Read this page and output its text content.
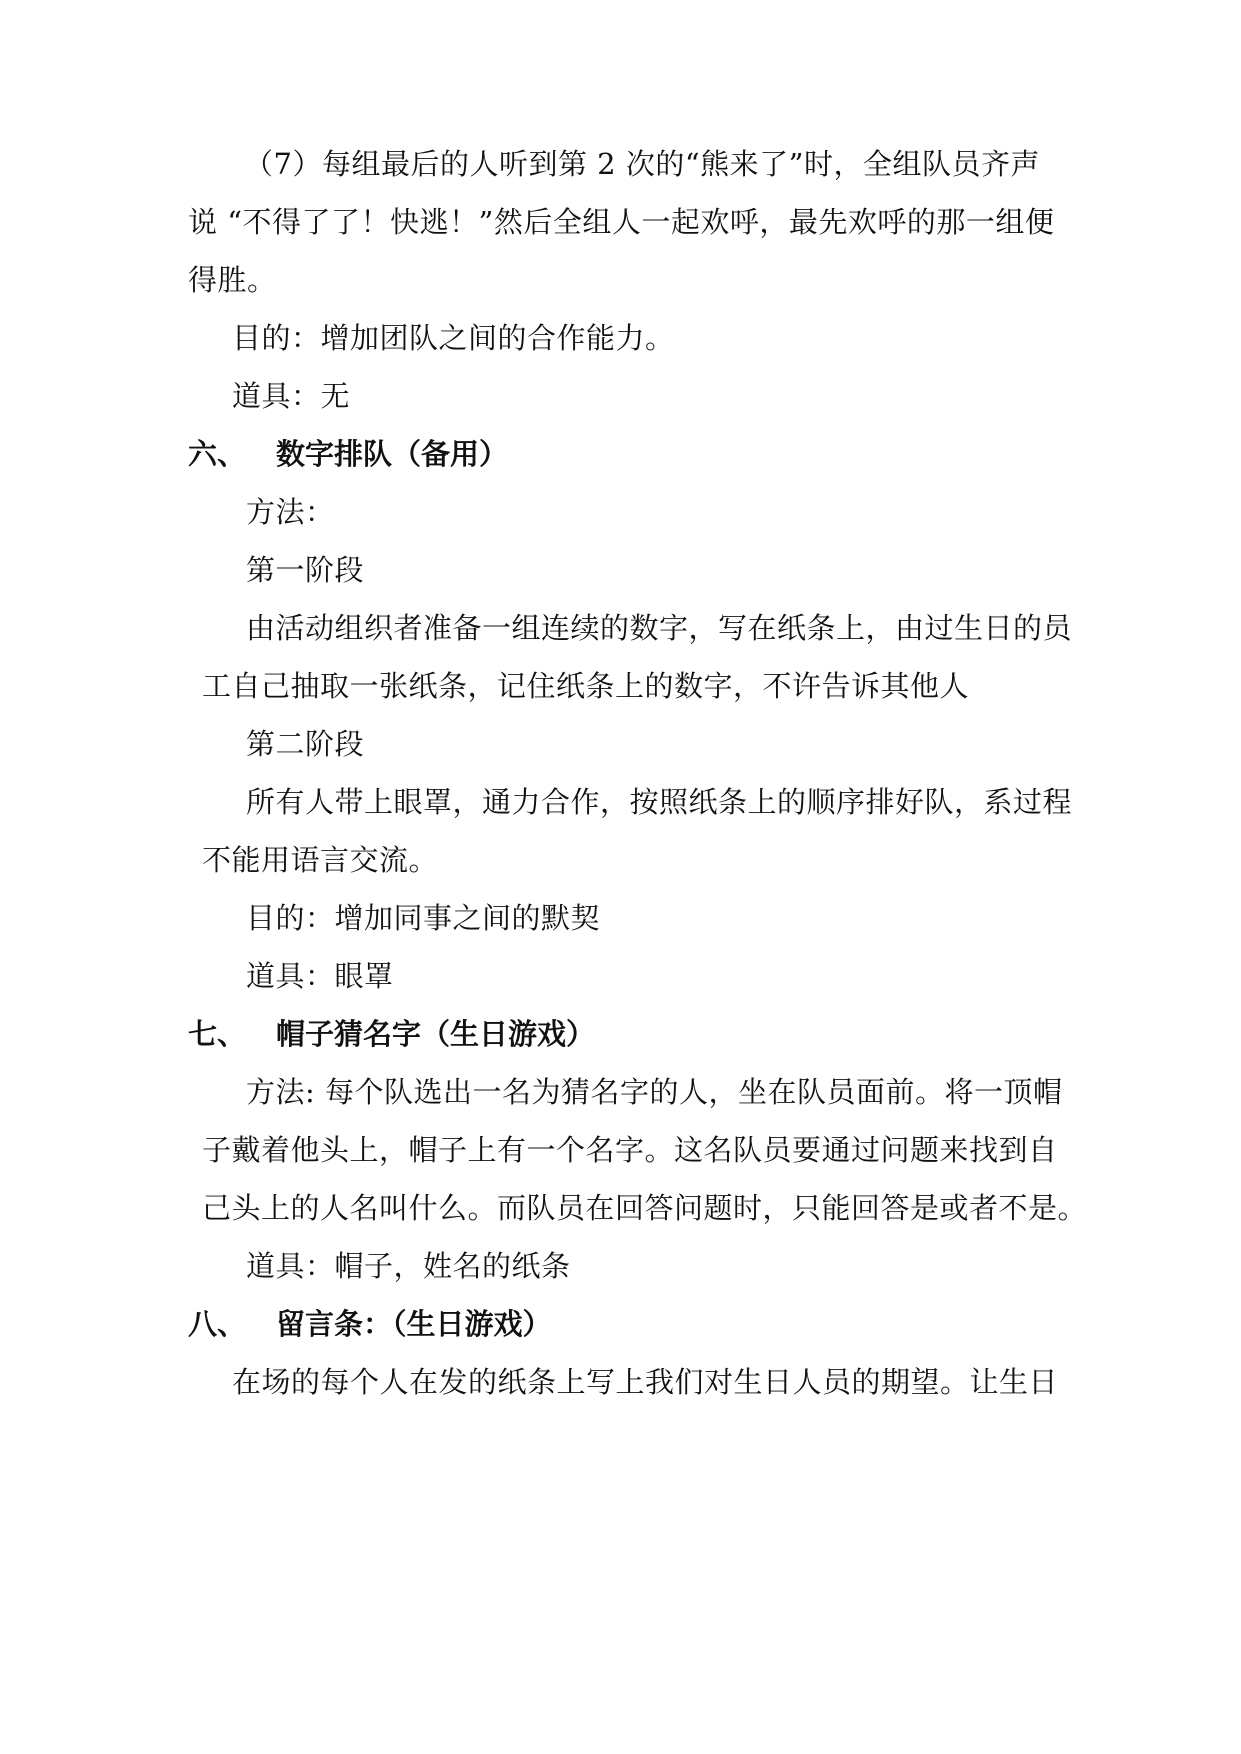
（7）每组最后的人听到第 2 次的“熊来了”时，全组队员齐声
说 “不得了了！快逃！”然后全组人一起欢呼，最先欢呼的那一组便
得胜。
目的：增加团队之间的合作能力。
道具：无
六、 数字排队（备用）
方法：
第一阶段
由活动组织者准备一组连续的数字，写在纸条上，由过生日的员
工自己抽取一张纸条，记住纸条上的数字，不许告诉其他人
第二阶段
所有人带上眼罩，通力合作，按照纸条上的顺序排好队，系过程
不能用语言交流。
目的：增加同事之间的默契
道具：眼罩
七、 帽子猜名字（生日游戏）
方法: 每个队选出一名为猜名字的人，坐在队员面前。将一顶帽
子戴着他头上，帽子上有一个名字。这名队员要通过问题来找到自
己头上的人名叫什么。而队员在回答问题时，只能回答是或者不是。
道具：帽子，姓名的纸条
八、 留言条：（生日游戏）
在场的每个人在发的纸条上写上我们对生日人员的期望。让生日
